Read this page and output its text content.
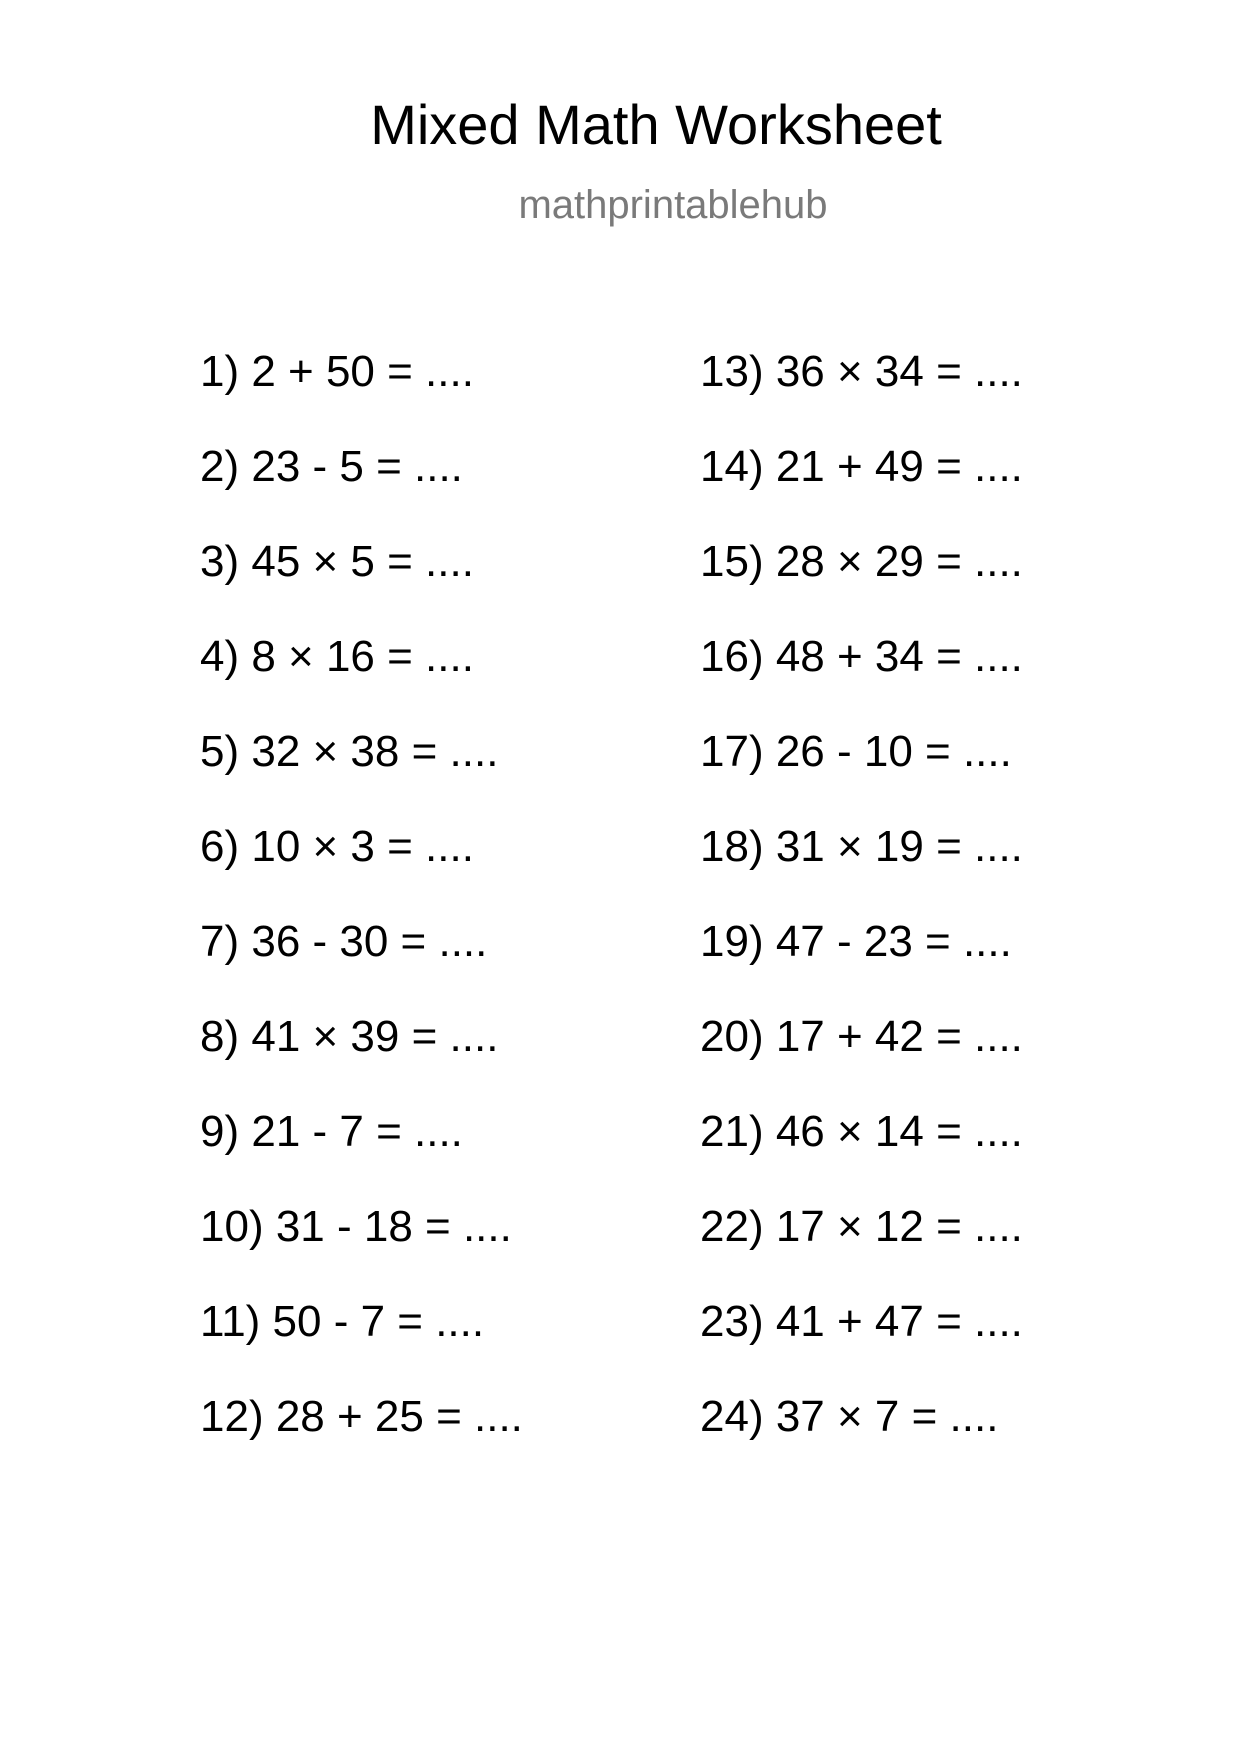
Mixed Math Worksheet
mathprintablehub
1) 2 + 50 = ....
2) 23 - 5 = ....
3) 45 × 5 = ....
4) 8 × 16 = ....
5) 32 × 38 = ....
6) 10 × 3 = ....
7) 36 - 30 = ....
8) 41 × 39 = ....
9) 21 - 7 = ....
10) 31 - 18 = ....
11) 50 - 7 = ....
12) 28 + 25 = ....
13) 36 × 34 = ....
14) 21 + 49 = ....
15) 28 × 29 = ....
16) 48 + 34 = ....
17) 26 - 10 = ....
18) 31 × 19 = ....
19) 47 - 23 = ....
20) 17 + 42 = ....
21) 46 × 14 = ....
22) 17 × 12 = ....
23) 41 + 47 = ....
24) 37 × 7 = ....
